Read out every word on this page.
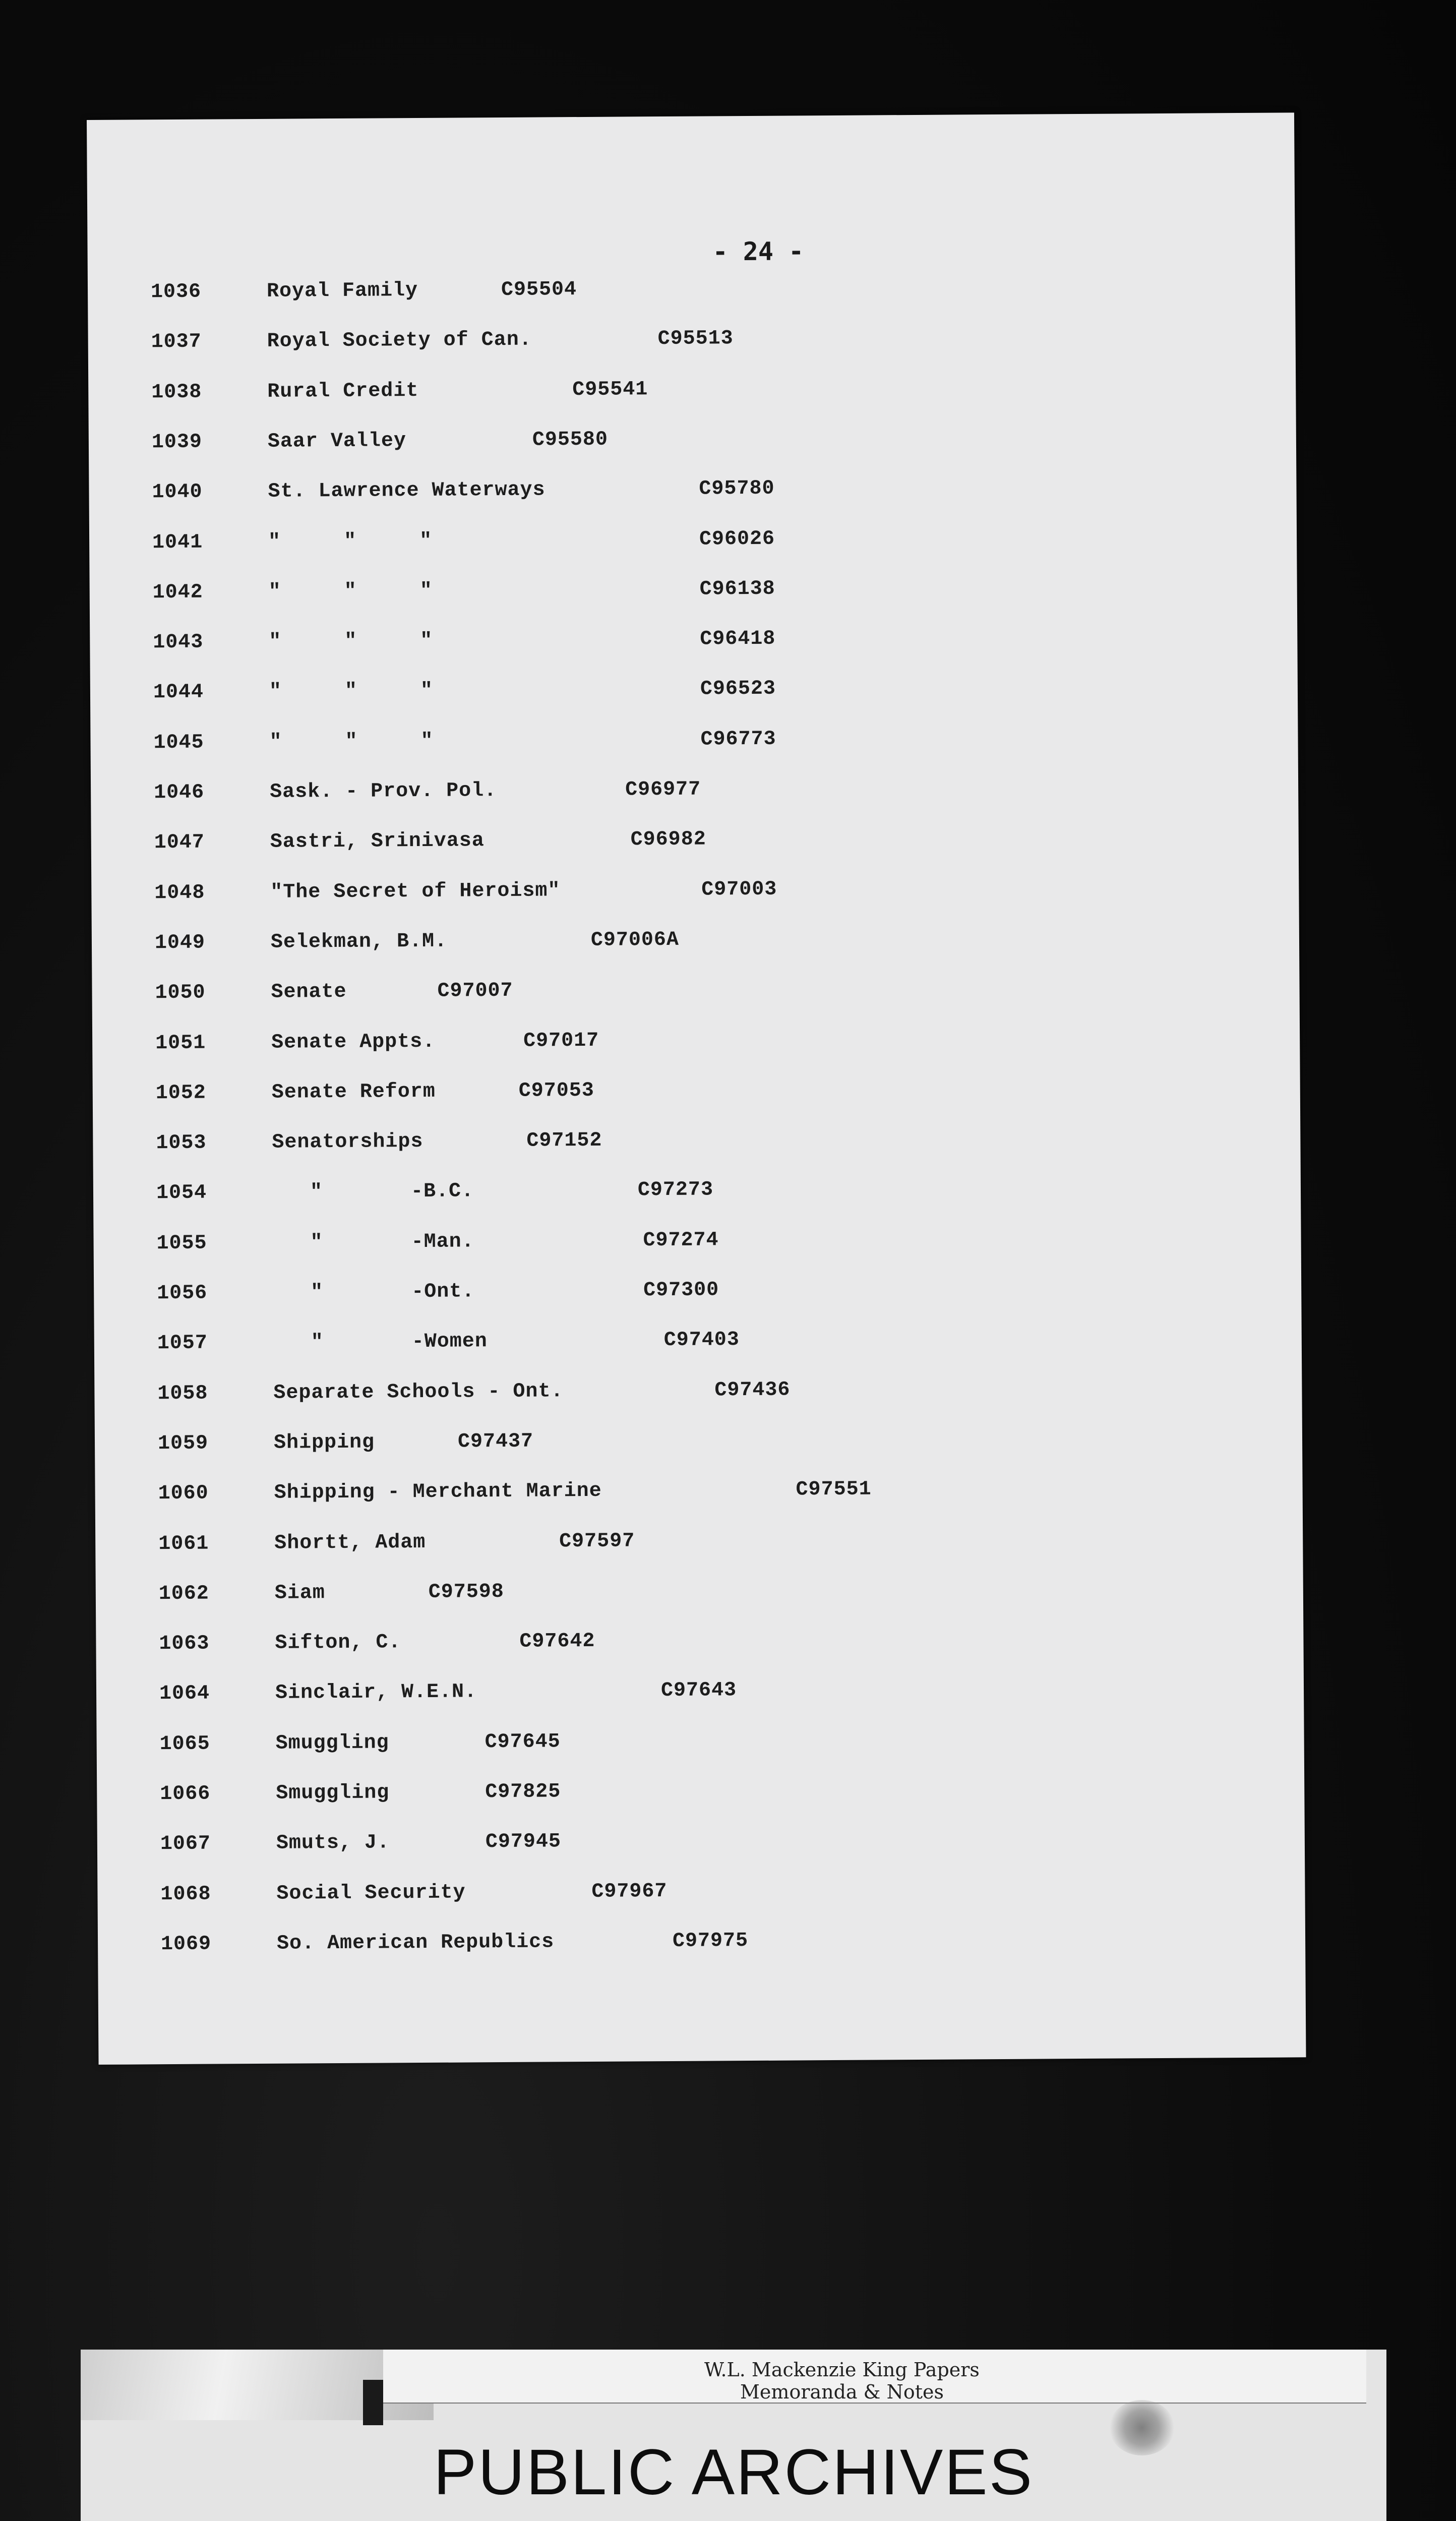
- 24 -
1036	Royal Family	C95504
1037	Royal Society of Can.	C95513
1038	Rural Credit	C95541
1039	Saar Valley	C95580
1040	St. Lawrence Waterways	C95780
1041	"     "     "	C96026
1042	"     "     "	C96138
1043	"     "     "	C96418
1044	"     "     "	C96523
1045	"     "     "	C96773
1046	Sask. - Prov. Pol.	C96977
1047	Sastri, Srinivasa	C96982
1048	"The Secret of Heroism"	C97003
1049	Selekman, B.M.	C97006A
1050	Senate	C97007
1051	Senate Appts.	C97017
1052	Senate Reform	C97053
1053	Senatorships	C97152
1054	"       -B.C.	C97273
1055	"       -Man.	C97274
1056	"       -Ont.	C97300
1057	"       -Women	C97403
1058	Separate Schools - Ont.	C97436
1059	Shipping	C97437
1060	Shipping - Merchant Marine	C97551
1061	Shortt, Adam	C97597
1062	Siam	C97598
1063	Sifton, C.	C97642
1064	Sinclair, W.E.N.	C97643
1065	Smuggling	C97645
1066	Smuggling	C97825
1067	Smuts, J.	C97945
1068	Social Security	C97967
1069	So. American Republics	C97975
W.L. Mackenzie King Papers
Memoranda & Notes
PUBLIC ARCHIVES
